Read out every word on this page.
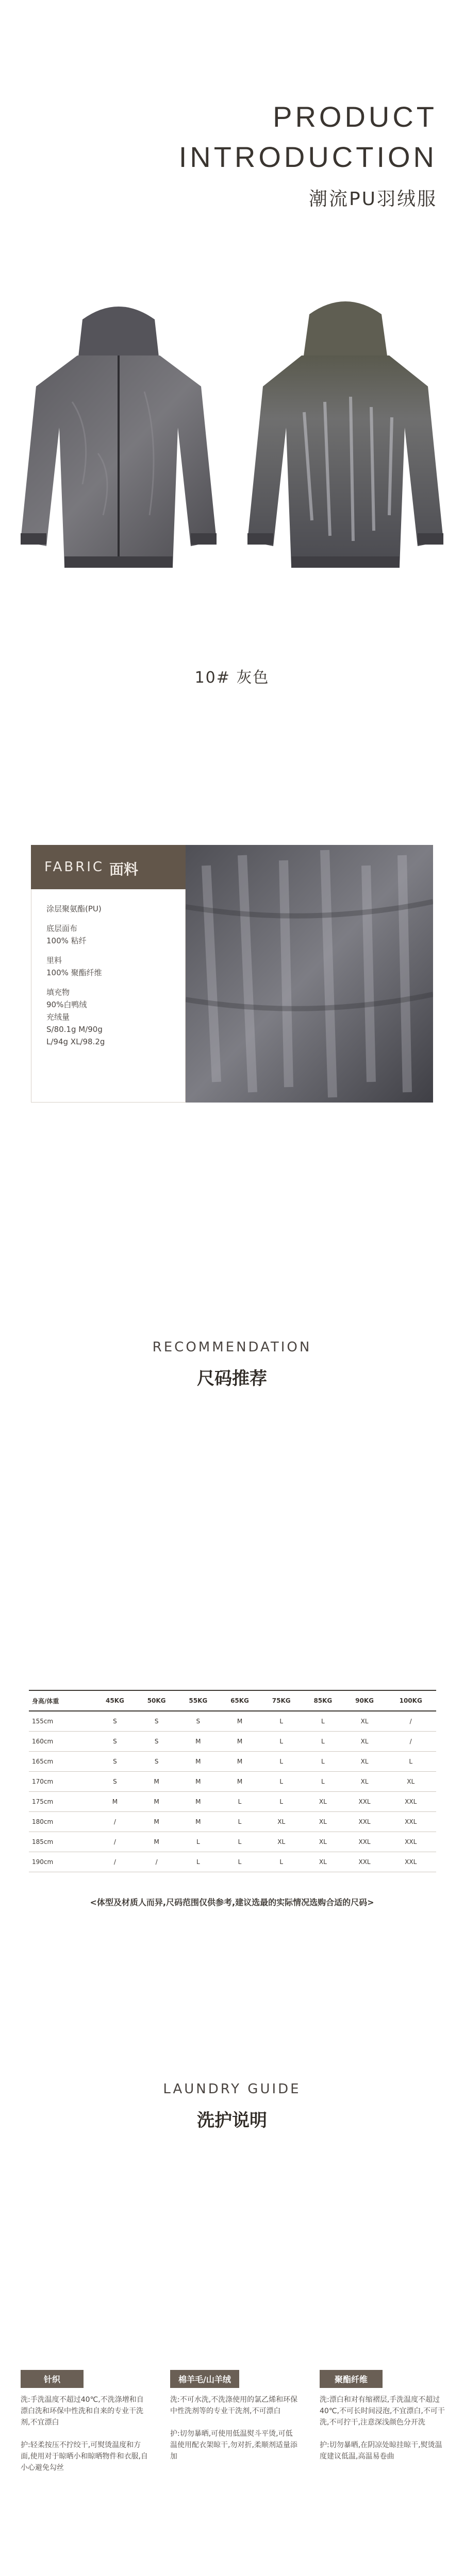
PRODUCT
INTRODUCTION
潮流PU羽绒服
10# 灰色
FABRIC 面料
涂层聚氨酯(PU)
底层面布
100% 粘纤
里料
100% 聚酯纤维
填充物
90%白鸭绒
充绒量
S/80.1g M/90g
L/94g XL/98.2g
RECOMMENDATION
尺码推荐
身高/体重	45KG	50KG	55KG	65KG	75KG	85KG	90KG	100KG
155cm	S	S	S	M	L	L	XL	/
160cm	S	S	M	M	L	L	XL	/
165cm	S	S	M	M	L	L	XL	L
170cm	S	M	M	M	L	L	XL	XL
175cm	M	M	M	L	L	XL	XXL	XXL
180cm	/	M	M	L	XL	XL	XXL	XXL
185cm	/	M	L	L	XL	XL	XXL	XXL
190cm	/	/	L	L	L	XL	XXL	XXL
<体型及材质人而异,尺码范围仅供参考,建议选最的实际情况选购合适的尺码>
LAUNDRY GUIDE
洗护说明
针织
洗:手洗温度不超过40℃,不洗涤增和自漂白洗和环保中性洗和自来的专业干洗剂,不宜漂白

护:轻柔按压不拧绞干,可熨烫温度和方面,使用对于晾晒小和晾晒物件和衣服,自小心避免勾丝
棉羊毛/山羊绒
洗:不可水洗,不洗涤使用的氯乙烯和环保中性洗剂等的专业干洗剂,不可漂白

护:切勿暴晒,可使用低温熨斗平烫,可低温使用配衣架晾干,勿对折,柔顺剂适量添加
聚酯纤维
洗:漂白和对有缩褶层,手洗温度不超过40℃,不可长时间浸泡,不宜漂白,不可干洗,不可拧干,注意深浅颜色分开洗

护:切勿暴晒,在阴凉处晾挂晾干,熨烫温度建议低温,高温易卷曲
